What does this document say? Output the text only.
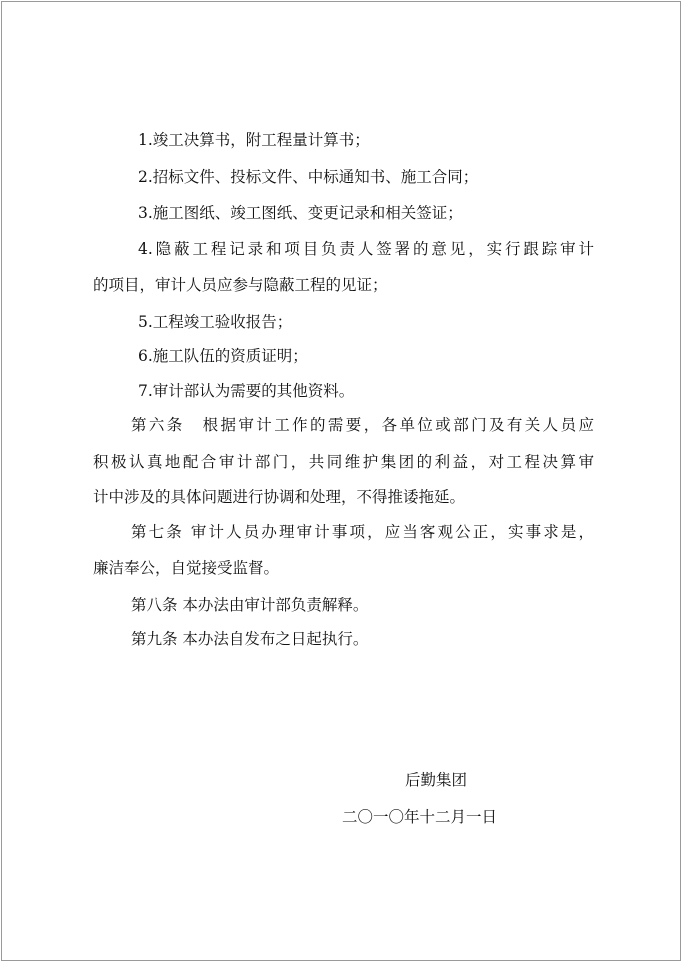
1.竣工决算书，附工程量计算书；
2.招标文件、投标文件、中标通知书、施工合同；
3.施工图纸、竣工图纸、变更记录和相关签证；
4.隐蔽工程记录和项目负责人签署的意见，实行跟踪审计
的项目，审计人员应参与隐蔽工程的见证；
5.工程竣工验收报告；
6.施工队伍的资质证明；
7.审计部认为需要的其他资料。
第六条　根据审计工作的需要，各单位或部门及有关人员应
积极认真地配合审计部门，共同维护集团的利益，对工程决算审
计中涉及的具体问题进行协调和处理，不得推诿拖延。
第七条 审计人员办理审计事项，应当客观公正，实事求是，
廉洁奉公，自觉接受监督。
第八条 本办法由审计部负责解释。
第九条 本办法自发布之日起执行。
后勤集团
二〇一〇年十二月一日
